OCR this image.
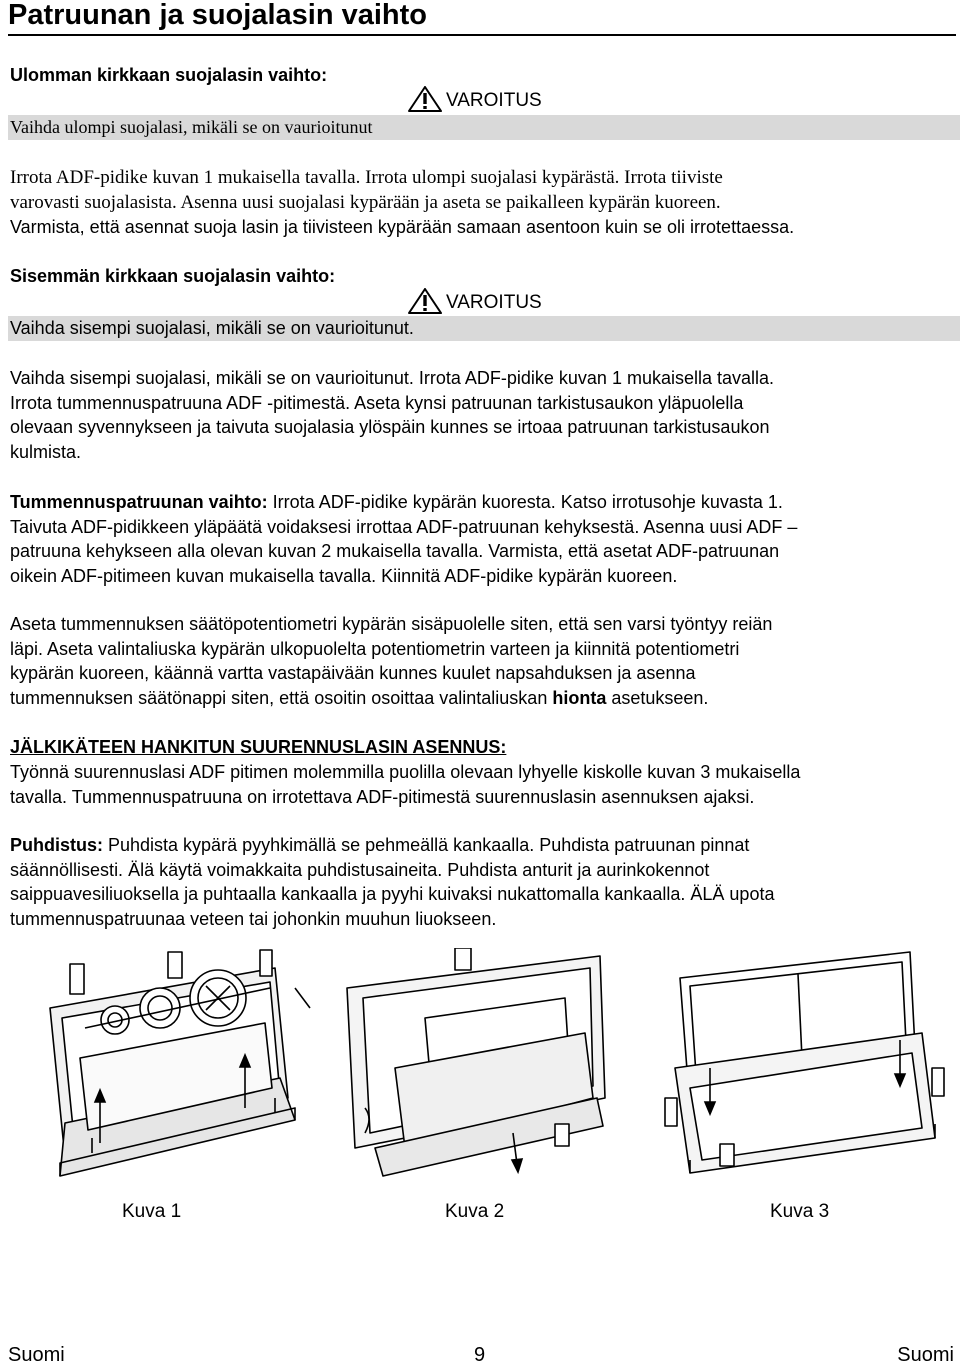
Patruunan ja suojalasin vaihto
Ulomman kirkkaan suojalasin vaihto:
VAROITUS
Vaihda ulompi suojalasi, mikäli se on vaurioitunut
Irrota ADF-pidike kuvan 1 mukaisella tavalla. Irrota ulompi suojalasi kypärästä. Irrota tiiviste
varovasti suojalasista. Asenna uusi suojalasi kypärään ja aseta se paikalleen kypärän kuoreen.
Varmista, että asennat suoja lasin ja tiivisteen kypärään samaan asentoon kuin se oli irrotettaessa.
Sisemmän kirkkaan suojalasin vaihto:
VAROITUS
Vaihda sisempi suojalasi, mikäli se on vaurioitunut.
Vaihda sisempi suojalasi, mikäli se on vaurioitunut. Irrota ADF-pidike kuvan 1 mukaisella tavalla.
Irrota tummennuspatruuna ADF -pitimestä. Aseta kynsi patruunan tarkistusaukon yläpuolella
olevaan syvennykseen ja taivuta suojalasia ylöspäin kunnes se irtoaa patruunan tarkistusaukon
kulmista.
Tummennuspatruunan vaihto: Irrota ADF-pidike kypärän kuoresta. Katso irrotusohje kuvasta 1.
Taivuta ADF-pidikkeen yläpäätä voidaksesi irrottaa ADF-patruunan kehyksestä. Asenna uusi ADF –
patruuna kehykseen alla olevan kuvan 2 mukaisella tavalla. Varmista, että asetat ADF-patruunan
oikein ADF-pitimeen kuvan mukaisella tavalla. Kiinnitä ADF-pidike kypärän kuoreen.
Aseta tummennuksen säätöpotentiometri kypärän sisäpuolelle siten, että sen varsi työntyy reiän
läpi. Aseta valintaliuska kypärän ulkopuolelta potentiometrin varteen ja kiinnitä potentiometri
kypärän kuoreen, käännä vartta vastapäivään kunnes kuulet napsahduksen ja asenna
tummennuksen säätönappi siten, että osoitin osoittaa valintaliuskan hionta asetukseen.
JÄLKIKÄTEEN HANKITUN SUURENNUSLASIN ASENNUS:
Työnnä suurennuslasi ADF pitimen molemmilla puolilla olevaan lyhyelle kiskolle kuvan 3 mukaisella
tavalla. Tummennuspatruuna on irrotettava ADF-pitimestä suurennuslasin asennuksen ajaksi.
Puhdistus: Puhdista kypärä pyyhkimällä se pehmeällä kankaalla. Puhdista patruunan pinnat
säännöllisesti. Älä käytä voimakkaita puhdistusaineita. Puhdista anturit ja aurinkokennot
saippuavesiliuoksella ja puhtaalla kankaalla ja pyyhi kuivaksi nukattomalla kankaalla. ÄLÄ upota
tummennuspatruunaa veteen tai johonkin muuhun liuokseen.
Kuva 1	Kuva 2	Kuva 3
Suomi	9	Suomi
